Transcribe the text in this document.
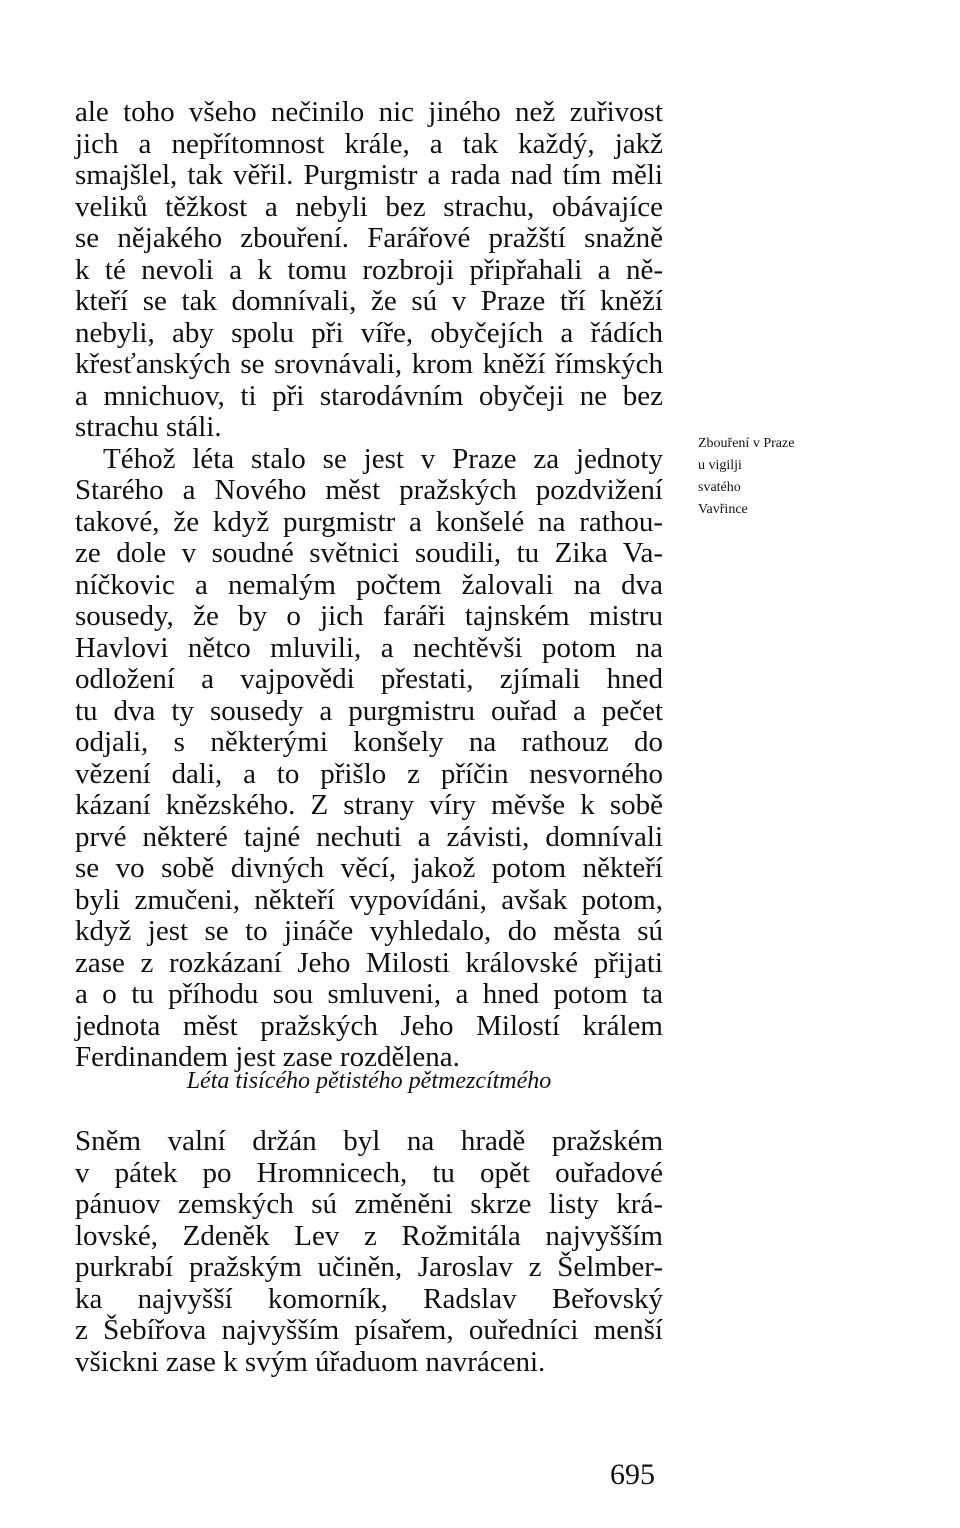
ale toho všeho nečinilo nic jiného než zuřivost
jich a nepřítomnost krále, a tak každý, jakž
smajšlel, tak věřil. Purgmistr a rada nad tím měli
veliků těžkost a nebyli bez strachu, obávajíce
se nějakého zbouření. Farářové pražští snažně
k té nevoli a k tomu rozbroji připřahali a ně-
kteří se tak domnívali, že sú v Praze tří kněží
nebyli, aby spolu při víře, obyčejích a řádích
křesťanských se srovnávali, krom kněží římských
a mnichuov, ti při starodávním obyčeji ne bez
strachu stáli.
Téhož léta stalo se jest v Praze za jednoty
Starého a Nového měst pražských pozdvižení
takové, že když purgmistr a konšelé na rathou-
ze dole v soudné světnici soudili, tu Zika Va-
níčkovic a nemalým počtem žalovali na dva
sousedy, že by o jich faráři tajnském mistru
Havlovi nětco mluvili, a nechtěvši potom na
odložení a vajpovědi přestati, zjímali hned
tu dva ty sousedy a purgmistru ouřad a pečet
odjali, s některými konšely na rathouz do
vězení dali, a to přišlo z příčin nesvorného
kázaní knězského. Z strany víry měvše k sobě
prvé některé tajné nechuti a závisti, domnívali
se vo sobě divných věcí, jakož potom někteří
byli zmučeni, někteří vypovídáni, avšak potom,
když jest se to jináče vyhledalo, do města sú
zase z rozkázaní Jeho Milosti královské přijati
a o tu příhodu sou smluveni, a hned potom ta
jednota měst pražských Jeho Milostí králem
Ferdinandem jest zase rozdělena.
Zbouření v Praze
u vigilji
svatého
Vavřince
Léta tisícého pětistého pětmezcítmého
Sněm valní držán byl na hradě pražském
v pátek po Hromnicech, tu opět ouřadové
pánuov zemských sú změněni skrze listy krá-
lovské, Zdeněk Lev z Rožmitála najvyšším
purkrabí pražským učiněn, Jaroslav z Šelmber-
ka najvyšší komorník, Radslav Beřovský
z Šebířova najvyšším písařem, ouředníci menší
všickni zase k svým úřaduom navráceni.
695
